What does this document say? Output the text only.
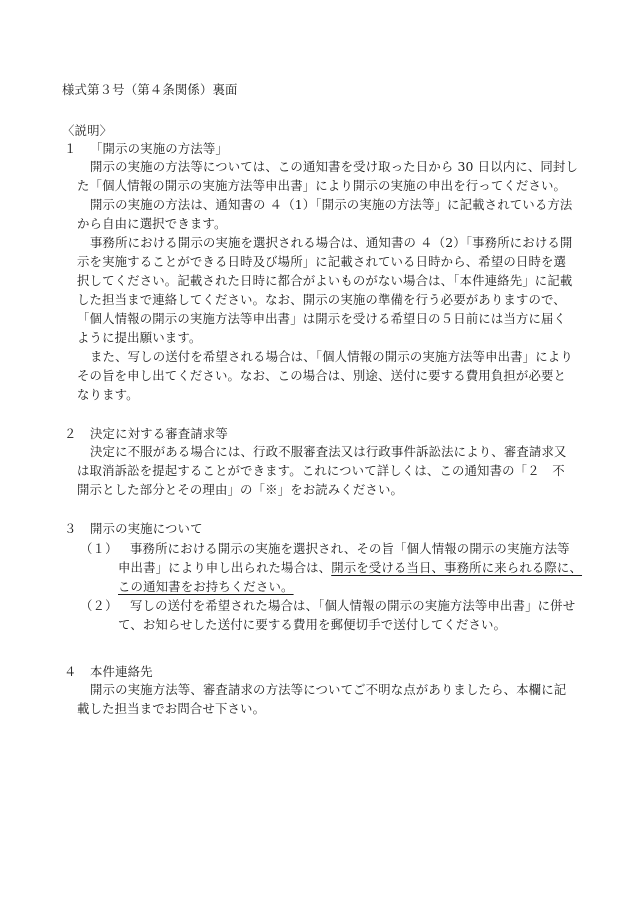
様式第３号（第４条関係）裏面
〈説明〉
１ 「開示の実施の方法等」
開示の実施の方法等については、この通知書を受け取った日から 30 日以内に、同封し
た「個人情報の開示の実施方法等申出書」により開示の実施の申出を行ってください。
開示の実施の方法は、通知書の ４（1）「開示の実施の方法等」に記載されている方法
から自由に選択できます。
事務所における開示の実施を選択される場合は、通知書の ４（2）「事務所における開
示を実施することができる日時及び場所」に記載されている日時から、希望の日時を選
択してください。記載された日時に都合がよいものがない場合は、「本件連絡先」に記載
した担当まで連絡してください。なお、開示の実施の準備を行う必要がありますので、
「個人情報の開示の実施方法等申出書」は開示を受ける希望日の５日前には当方に届く
ように提出願います。
また、写しの送付を希望される場合は、「個人情報の開示の実施方法等申出書」により
その旨を申し出てください。なお、この場合は、別途、送付に要する費用負担が必要と
なります。
２ 決定に対する審査請求等
決定に不服がある場合には、行政不服審査法又は行政事件訴訟法により、審査請求又
は取消訴訟を提起することができます。これについて詳しくは、この通知書の「２　不
開示とした部分とその理由」の「※」をお読みください。
３ 開示の実施について
（１） 事務所における開示の実施を選択され、その旨「個人情報の開示の実施方法等
申出書」により申し出られた場合は、開示を受ける当日、事務所に来られる際に、
この通知書をお持ちください。
（２） 写しの送付を希望された場合は、「個人情報の開示の実施方法等申出書」に併せ
て、お知らせした送付に要する費用を郵便切手で送付してください。
４ 本件連絡先
開示の実施方法等、審査請求の方法等についてご不明な点がありましたら、本欄に記
載した担当までお問合せ下さい。
